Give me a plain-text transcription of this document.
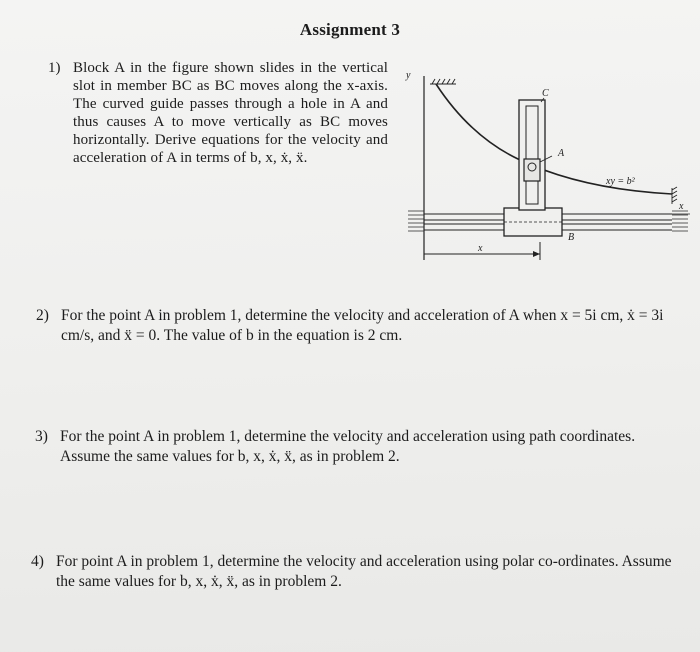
Assignment 3
1) Block A in the figure shown slides in the vertical slot in member BC as BC moves along the x-axis. The curved guide passes through a hole in A and thus causes A to move vertically as BC moves horizontally. Derive equations for the velocity and acceleration of A in terms of b, x, ẋ, ẍ.
y
C
A
xy = b²
B
x
x
2) For the point A in problem 1, determine the velocity and acceleration of A when x = 5i cm, ẋ = 3i cm/s, and ẍ = 0. The value of b in the equation is 2 cm.
3) For the point A in problem 1, determine the velocity and acceleration using path coordinates. Assume the same values for b, x, ẋ, ẍ, as in problem 2.
4) For point A in problem 1, determine the velocity and acceleration using polar co-ordinates. Assume the same values for b, x, ẋ, ẍ, as in problem 2.
